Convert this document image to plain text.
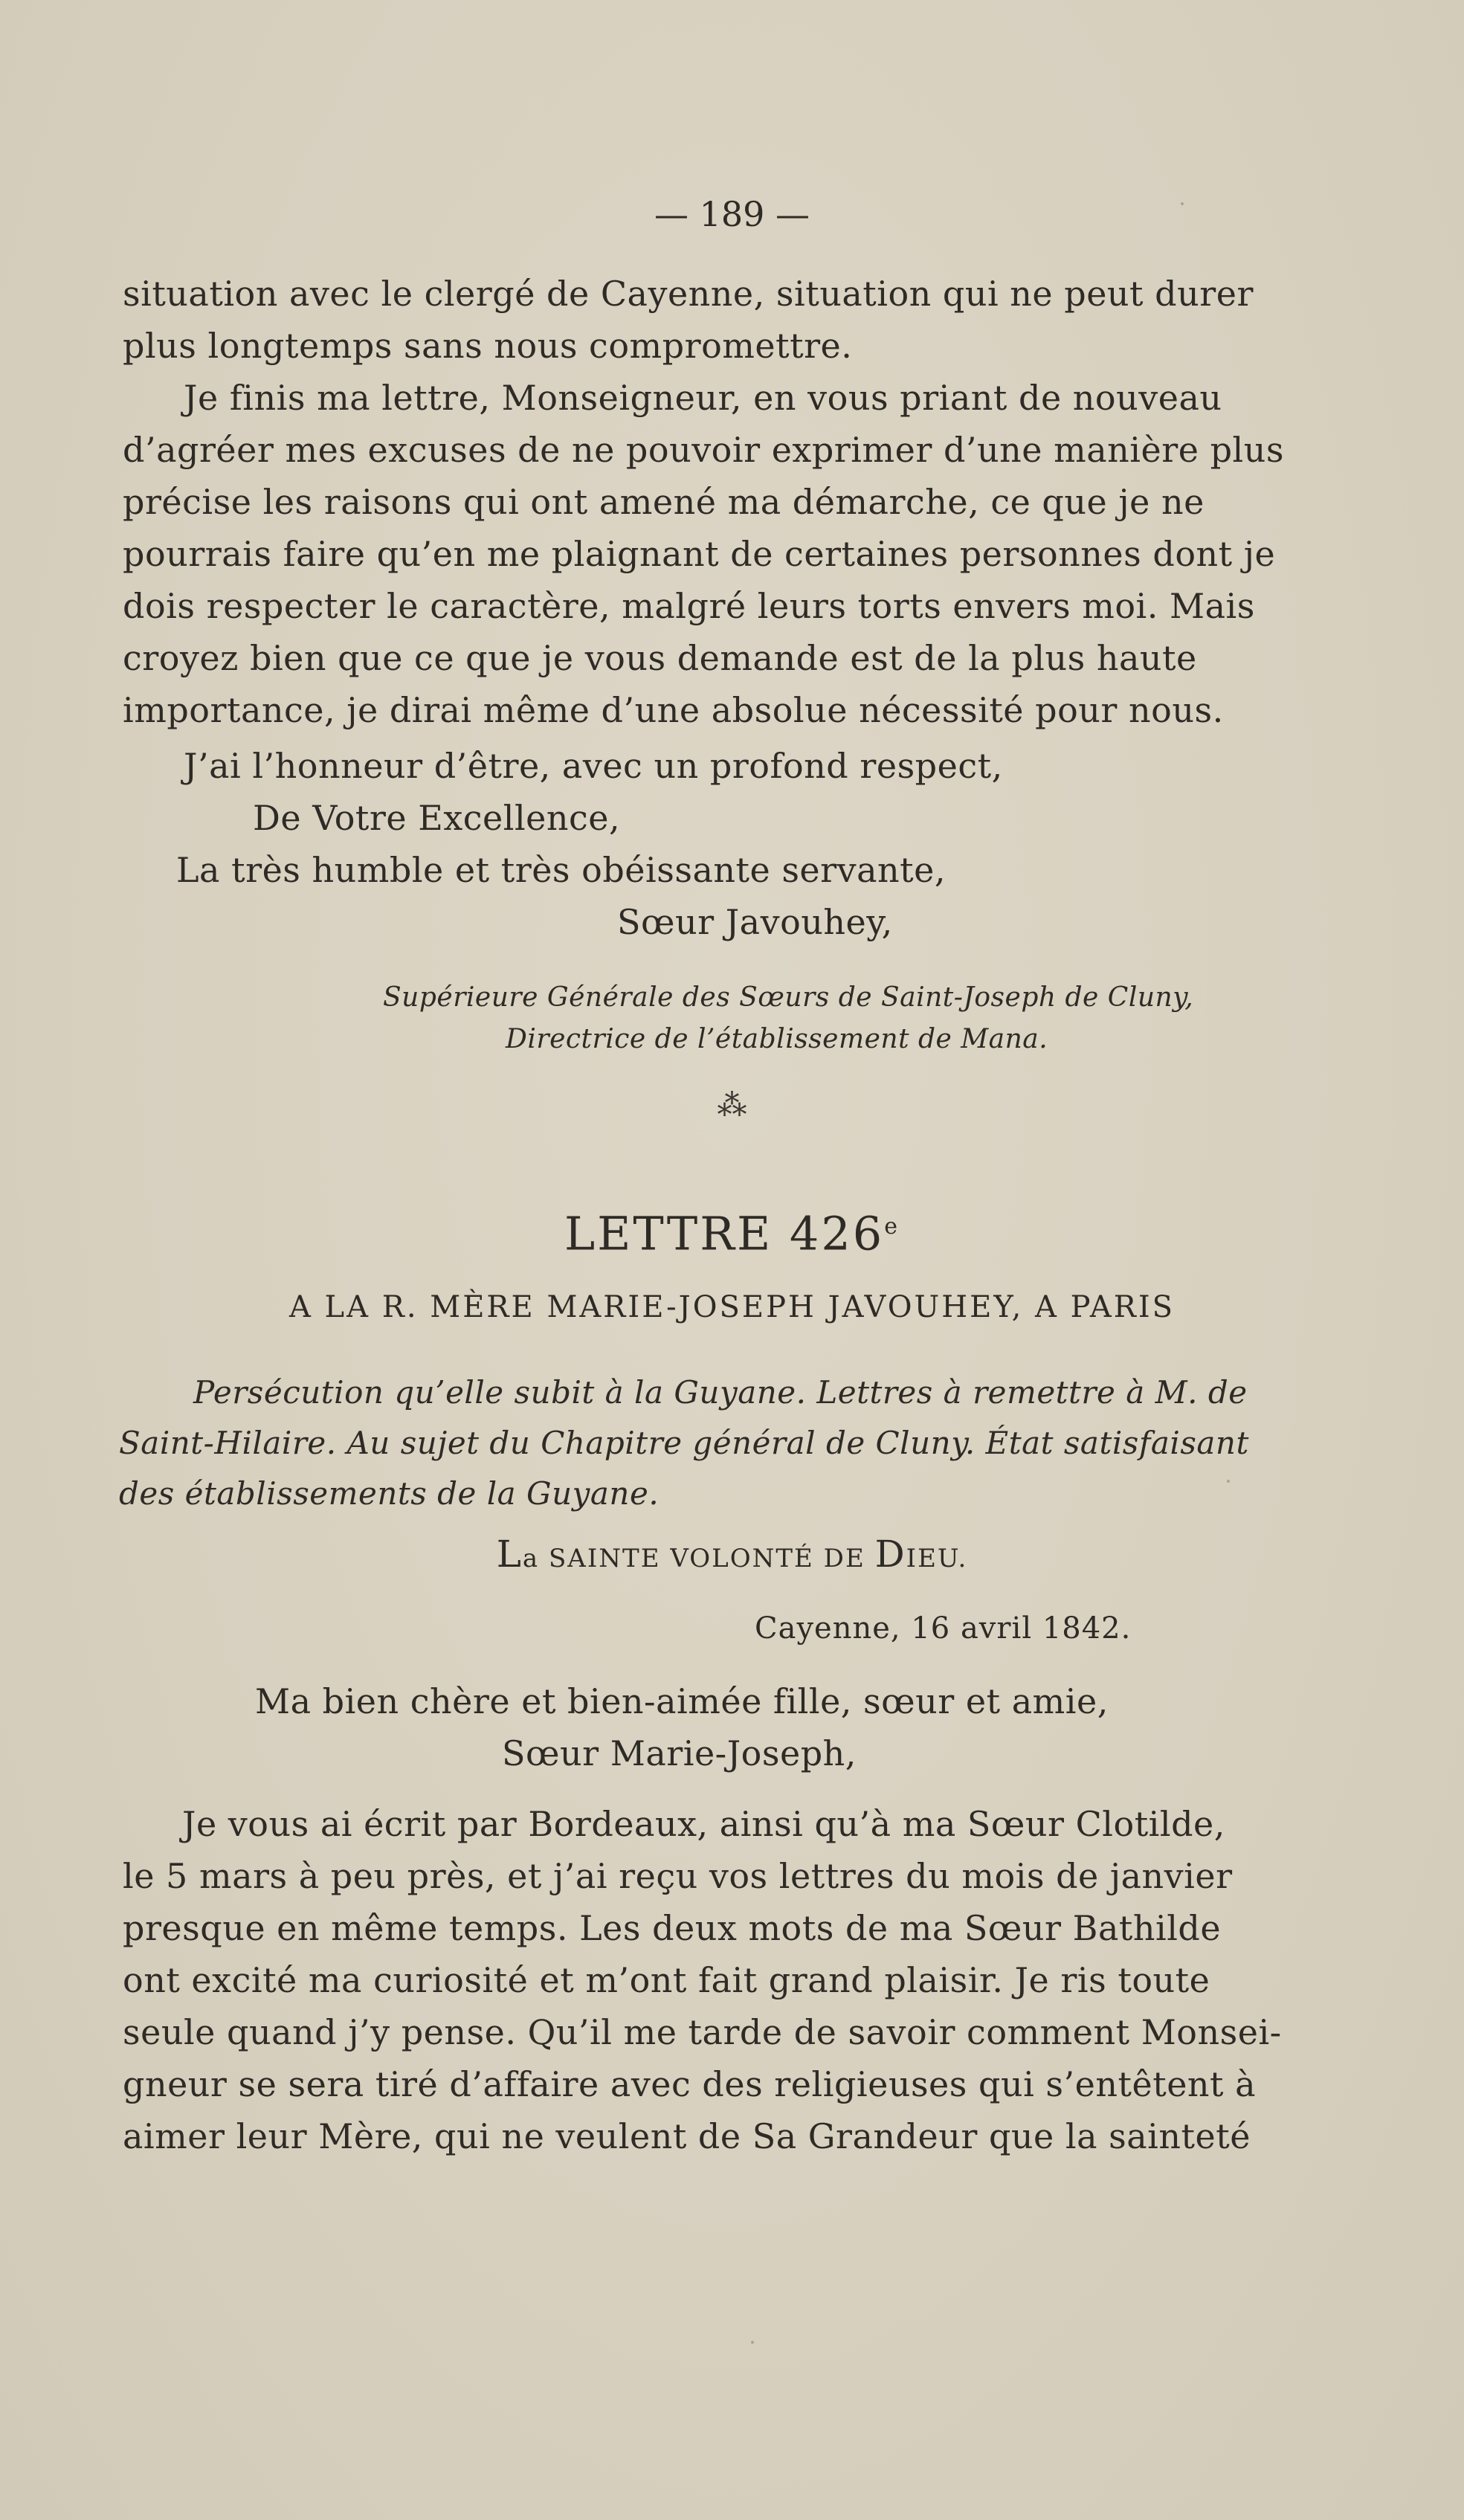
— 189 —
situation avec le clergé de Cayenne, situation qui ne peut durer
plus longtemps sans nous compromettre.
Je finis ma lettre, Monseigneur, en vous priant de nouveau
d’agréer mes excuses de ne pouvoir exprimer d’une manière plus
précise les raisons qui ont amené ma démarche, ce que je ne
pourrais faire qu’en me plaignant de certaines personnes dont je
dois respecter le caractère, malgré leurs torts envers moi. Mais
croyez bien que ce que je vous demande est de la plus haute
importance, je dirai même d’une absolue nécessité pour nous.
J’ai l’honneur d’être, avec un profond respect,
De Votre Excellence,
La très humble et très obéissante servante,
Sœur Javouhey,
Supérieure Générale des Sœurs de Saint-Joseph de Cluny,
Directrice de l’établissement de Mana.
⁂
LETTRE 426e
A LA R. MÈRE MARIE-JOSEPH JAVOUHEY, A PARIS
Persécution qu’elle subit à la Guyane. Lettres à remettre à M. de
Saint-Hilaire. Au sujet du Chapitre général de Cluny. État satisfaisant
des établissements de la Guyane.
La SAINTE VOLONTÉ DE DIEU.
Cayenne, 16 avril 1842.
Ma bien chère et bien-aimée fille, sœur et amie,
Sœur Marie-Joseph,
Je vous ai écrit par Bordeaux, ainsi qu’à ma Sœur Clotilde,
le 5 mars à peu près, et j’ai reçu vos lettres du mois de janvier
presque en même temps. Les deux mots de ma Sœur Bathilde
ont excité ma curiosité et m’ont fait grand plaisir. Je ris toute
seule quand j’y pense. Qu’il me tarde de savoir comment Monsei-
gneur se sera tiré d’affaire avec des religieuses qui s’entêtent à
aimer leur Mère, qui ne veulent de Sa Grandeur que la sainteté
